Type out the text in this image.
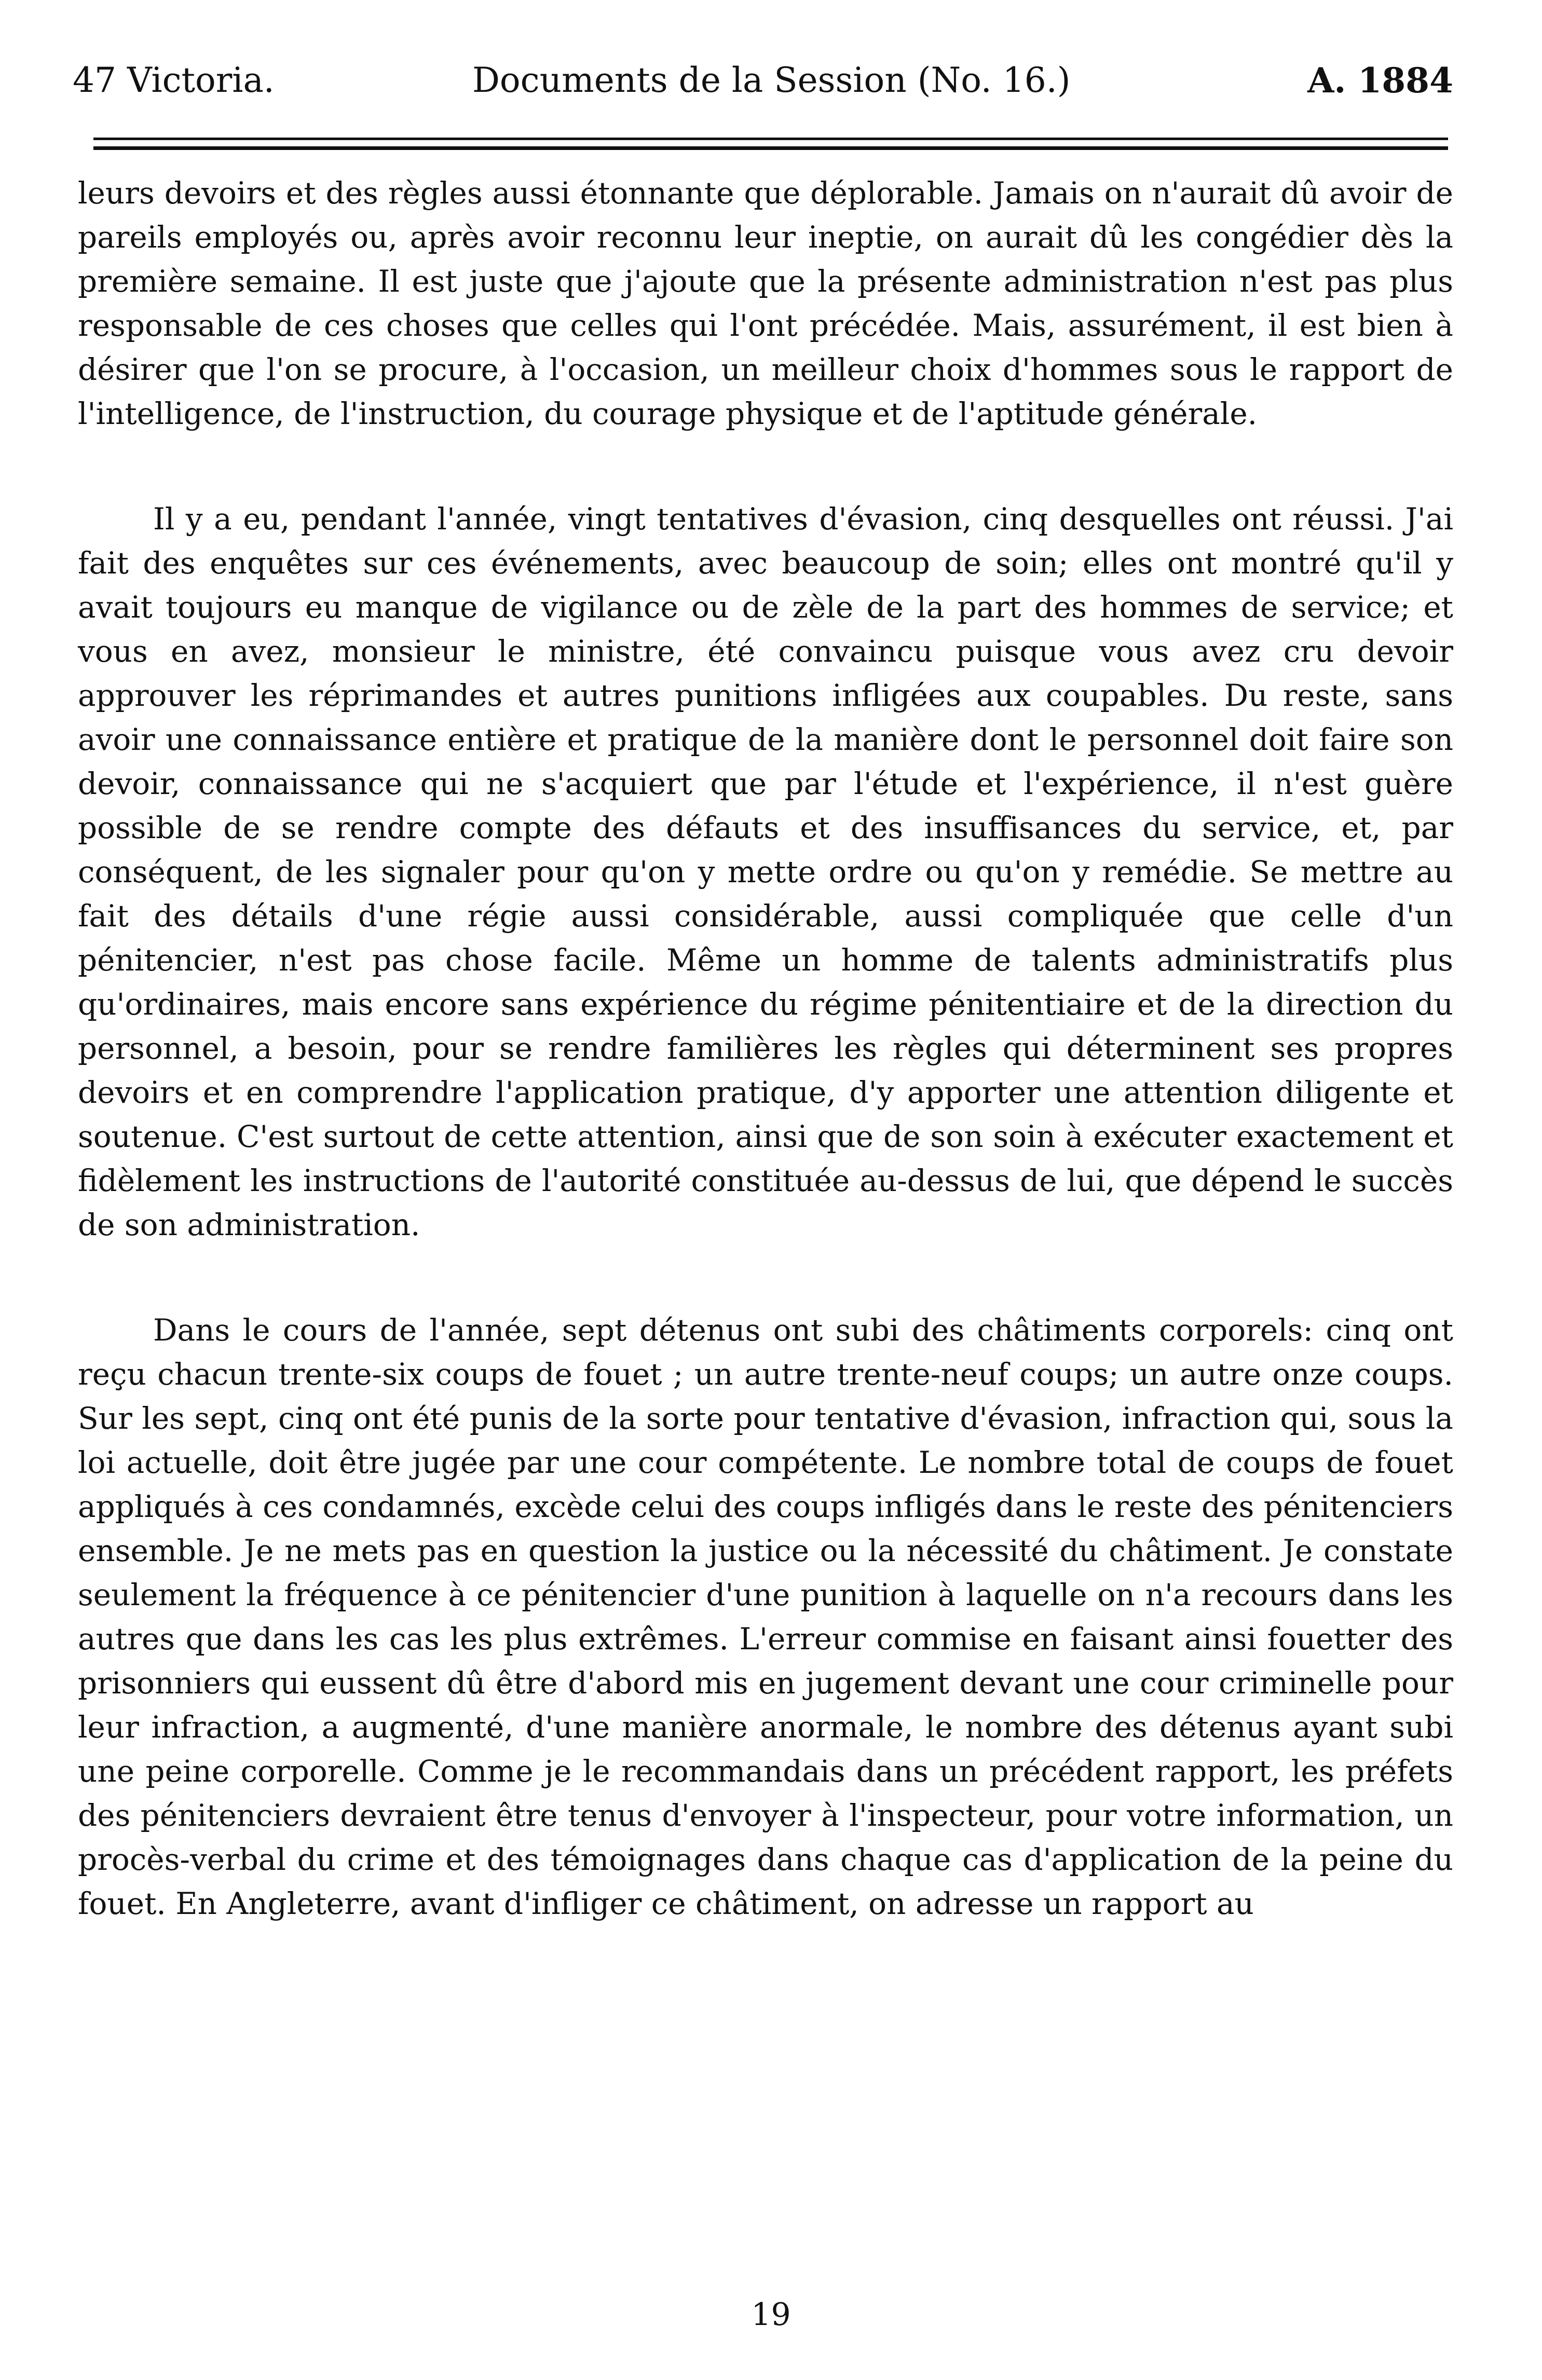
47 Victoria.	Documents de la Session (No. 16.)	A. 1884

leurs devoirs et des règles aussi étonnante que déplorable. Jamais on n'aurait dû avoir de pareils employés ou, après avoir reconnu leur ineptie, on aurait dû les congédier dès la première semaine. Il est juste que j'ajoute que la présente administration n'est pas plus responsable de ces choses que celles qui l'ont précédée. Mais, assurément, il est bien à désirer que l'on se procure, à l'occasion, un meilleur choix d'hommes sous le rapport de l'intelligence, de l'instruction, du courage physique et de l'aptitude générale.

Il y a eu, pendant l'année, vingt tentatives d'évasion, cinq desquelles ont réussi. J'ai fait des enquêtes sur ces événements, avec beaucoup de soin; elles ont montré qu'il y avait toujours eu manque de vigilance ou de zèle de la part des hommes de service; et vous en avez, monsieur le ministre, été convaincu puisque vous avez cru devoir approuver les réprimandes et autres punitions infligées aux coupables. Du reste, sans avoir une connaissance entière et pratique de la manière dont le personnel doit faire son devoir, connaissance qui ne s'acquiert que par l'étude et l'expérience, il n'est guère possible de se rendre compte des défauts et des insuffisances du service, et, par conséquent, de les signaler pour qu'on y mette ordre ou qu'on y remédie. Se mettre au fait des détails d'une régie aussi considérable, aussi compliquée que celle d'un pénitencier, n'est pas chose facile. Même un homme de talents administratifs plus qu'ordinaires, mais encore sans expérience du régime pénitentiaire et de la direction du personnel, a besoin, pour se rendre familières les règles qui déterminent ses propres devoirs et en comprendre l'application pratique, d'y apporter une attention diligente et soutenue. C'est surtout de cette attention, ainsi que de son soin à exécuter exactement et fidèlement les instructions de l'autorité constituée au-dessus de lui, que dépend le succès de son administration.

Dans le cours de l'année, sept détenus ont subi des châtiments corporels: cinq ont reçu chacun trente-six coups de fouet ; un autre trente-neuf coups; un autre onze coups. Sur les sept, cinq ont été punis de la sorte pour tentative d'évasion, infraction qui, sous la loi actuelle, doit être jugée par une cour compétente. Le nombre total de coups de fouet appliqués à ces condamnés, excède celui des coups infligés dans le reste des pénitenciers ensemble. Je ne mets pas en question la justice ou la nécessité du châtiment. Je constate seulement la fréquence à ce pénitencier d'une punition à laquelle on n'a recours dans les autres que dans les cas les plus extrêmes. L'erreur commise en faisant ainsi fouetter des prisonniers qui eussent dû être d'abord mis en jugement devant une cour criminelle pour leur infraction, a augmenté, d'une manière anormale, le nombre des détenus ayant subi une peine corporelle. Comme je le recommandais dans un précédent rapport, les préfets des pénitenciers devraient être tenus d'envoyer à l'inspecteur, pour votre information, un procès-verbal du crime et des témoignages dans chaque cas d'application de la peine du fouet. En Angleterre, avant d'infliger ce châtiment, on adresse un rapport au

19
